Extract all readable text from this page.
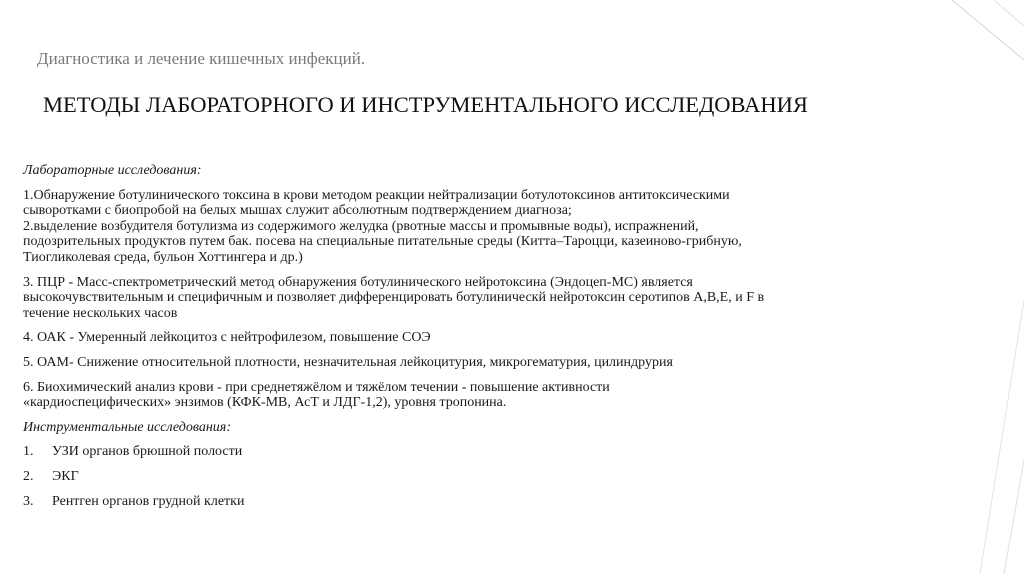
Диагностика и лечение кишечных инфекций.
МЕТОДЫ ЛАБОРАТОРНОГО И ИНСТРУМЕНТАЛЬНОГО ИССЛЕДОВАНИЯ
Лабораторные исследования:
1.Обнаружение ботулинического токсина в крови методом реакции нейтрализации ботулотоксинов антитоксическими
сыворотками с биопробой на белых мышах служит абсолютным подтверждением диагноза;
2.выделение возбудителя ботулизма из содержимого желудка (рвотные массы и промывные воды), испражнений,
подозрительных продуктов путем бак. посева на специальные питательные среды (Китта–Тароцци, казеиново-грибную,
Тиогликолевая среда, бульон Хоттингера и др.)
3. ПЦР - Масс-спектрометрический метод обнаружения ботулинического нейротоксина (Эндоцеп-МС) является
высокочувствительным и специфичным и позволяет дифференцировать ботулиническй нейротоксин серотипов A,B,E, и F в
течение нескольких часов
4. ОАК - Умеренный лейкоцитоз с нейтрофилезом, повышение СОЭ
5. ОАМ- Снижение относительной плотности, незначительная лейкоцитурия, микрогематурия, цилиндрурия
6. Биохимический анализ крови - при среднетяжёлом и тяжёлом течении - повышение активности
«кардиоспецифических» энзимов (КФК-МВ, АсТ и ЛДГ-1,2), уровня тропонина.
Инструментальные исследования:
1. УЗИ органов брюшной полости
2. ЭКГ
3. Рентген органов грудной клетки
